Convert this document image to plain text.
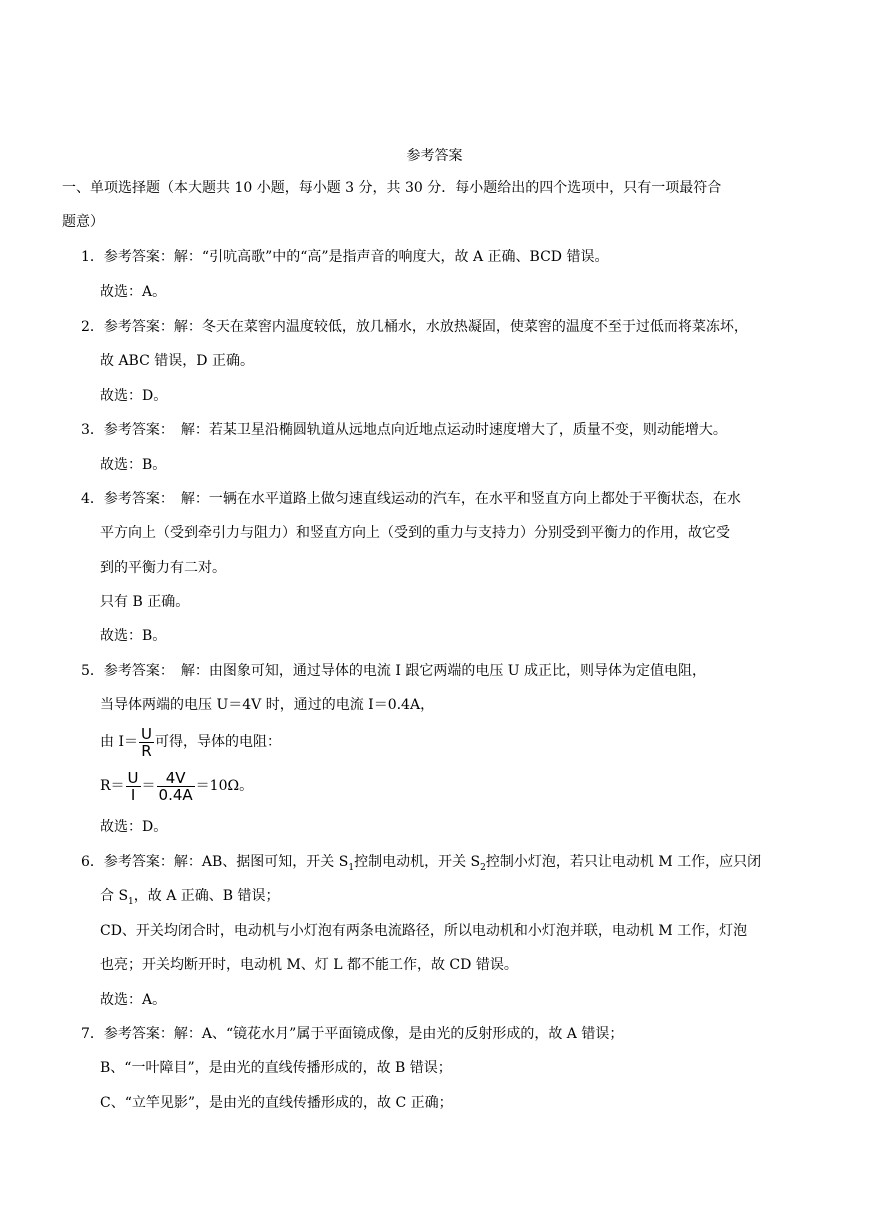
参考答案
一、单项选择题（本大题共 10 小题，每小题 3 分，共 30 分．每小题给出的四个选项中，只有一项最符合
题意）
1．参考答案：解：“引吭高歌”中的“高”是指声音的响度大，故 A 正确、BCD 错误。
故选：A。
2．参考答案：解：冬天在菜窖内温度较低，放几桶水，水放热凝固，使菜窖的温度不至于过低而将菜冻坏，
故 ABC 错误，D 正确。
故选：D。
3．参考答案：　解：若某卫星沿椭圆轨道从远地点向近地点运动时速度增大了，质量不变，则动能增大。
故选：B。
4．参考答案：　解：一辆在水平道路上做匀速直线运动的汽车，在水平和竖直方向上都处于平衡状态，在水
平方向上（受到牵引力与阻力）和竖直方向上（受到的重力与支持力）分别受到平衡力的作用，故它受
到的平衡力有二对。
只有 B 正确。
故选：B。
5．参考答案：　解：由图象可知，通过导体的电流 I 跟它两端的电压 U 成正比，则导体为定值电阻，
当导体两端的电压 U＝4V 时，通过的电流 I＝0.4A，
由 $I= \frac{U}{R}$ 可得，导体的电阻：
$R= \frac{U}{I} = \frac{4V}{0.4A} =10\Omega$。
故选：D。
6．参考答案：解：AB、据图可知，开关 $S_1$控制电动机，开关 $S_2$控制小灯泡，若只让电动机 M 工作，应只闭
合 $S_1$，故 A 正确、B 错误；
CD、开关均闭合时，电动机与小灯泡有两条电流路径，所以电动机和小灯泡并联，电动机 M 工作，灯泡
也亮；开关均断开时，电动机 M、灯 L 都不能工作，故 CD 错误。
故选：A。
7．参考答案：解：A、“镜花水月”属于平面镜成像，是由光的反射形成的，故 A 错误；
B、“一叶障目”，是由光的直线传播形成的，故 B 错误；
C、“立竿见影”，是由光的直线传播形成的，故 C 正确；
